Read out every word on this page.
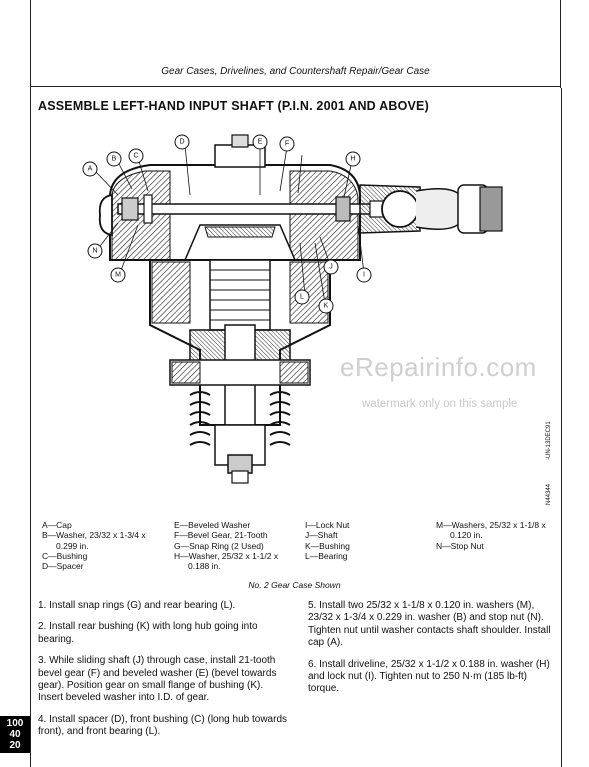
Gear Cases, Drivelines, and Countershaft Repair/Gear Case
ASSEMBLE LEFT-HAND INPUT SHAFT (P.I.N. 2001 AND ABOVE)
A
B C
D	E	F
H
I
J
K
L
M
N
-UN-13DEC91
N44344
A—Cap
B—Washer, 23/32 x 1-3/4 x
0.299 in.
C—Bushing
D—Spacer
E—Beveled Washer
F—Bevel Gear, 21-Tooth
G—Snap Ring (2 Used)
H—Washer, 25/32 x 1-1/2 x
0.188 in.
I—Lock Nut
J—Shaft
K—Bushing
L—Bearing
M—Washers, 25/32 x 1-1/8 x
0.120 in.
N—Stop Nut
No. 2 Gear Case Shown

1. Install snap rings (G) and rear bearing (L).

2. Install rear bushing (K) with long hub going into bearing.

3. While sliding shaft (J) through case, install 21-tooth bevel gear (F) and beveled washer (E) (bevel towards gear). Position gear on small flange of bushing (K). Insert beveled washer into I.D. of gear.

4. Install spacer (D), front bushing (C) (long hub towards front), and front bearing (L).

5. Install two 25/32 x 1-1/8 x 0.120 in. washers (M), 23/32 x 1-3/4 x 0.229 in. washer (B) and stop nut (N). Tighten nut until washer contacts shaft shoulder. Install cap (A).

6. Install driveline, 25/32 x 1-1/2 x 0.188 in. washer (H) and lock nut (I). Tighten nut to 250 N·m (185 lb-ft) torque.

eRepairinfo.com
watermark only on this sample
100
40
20
